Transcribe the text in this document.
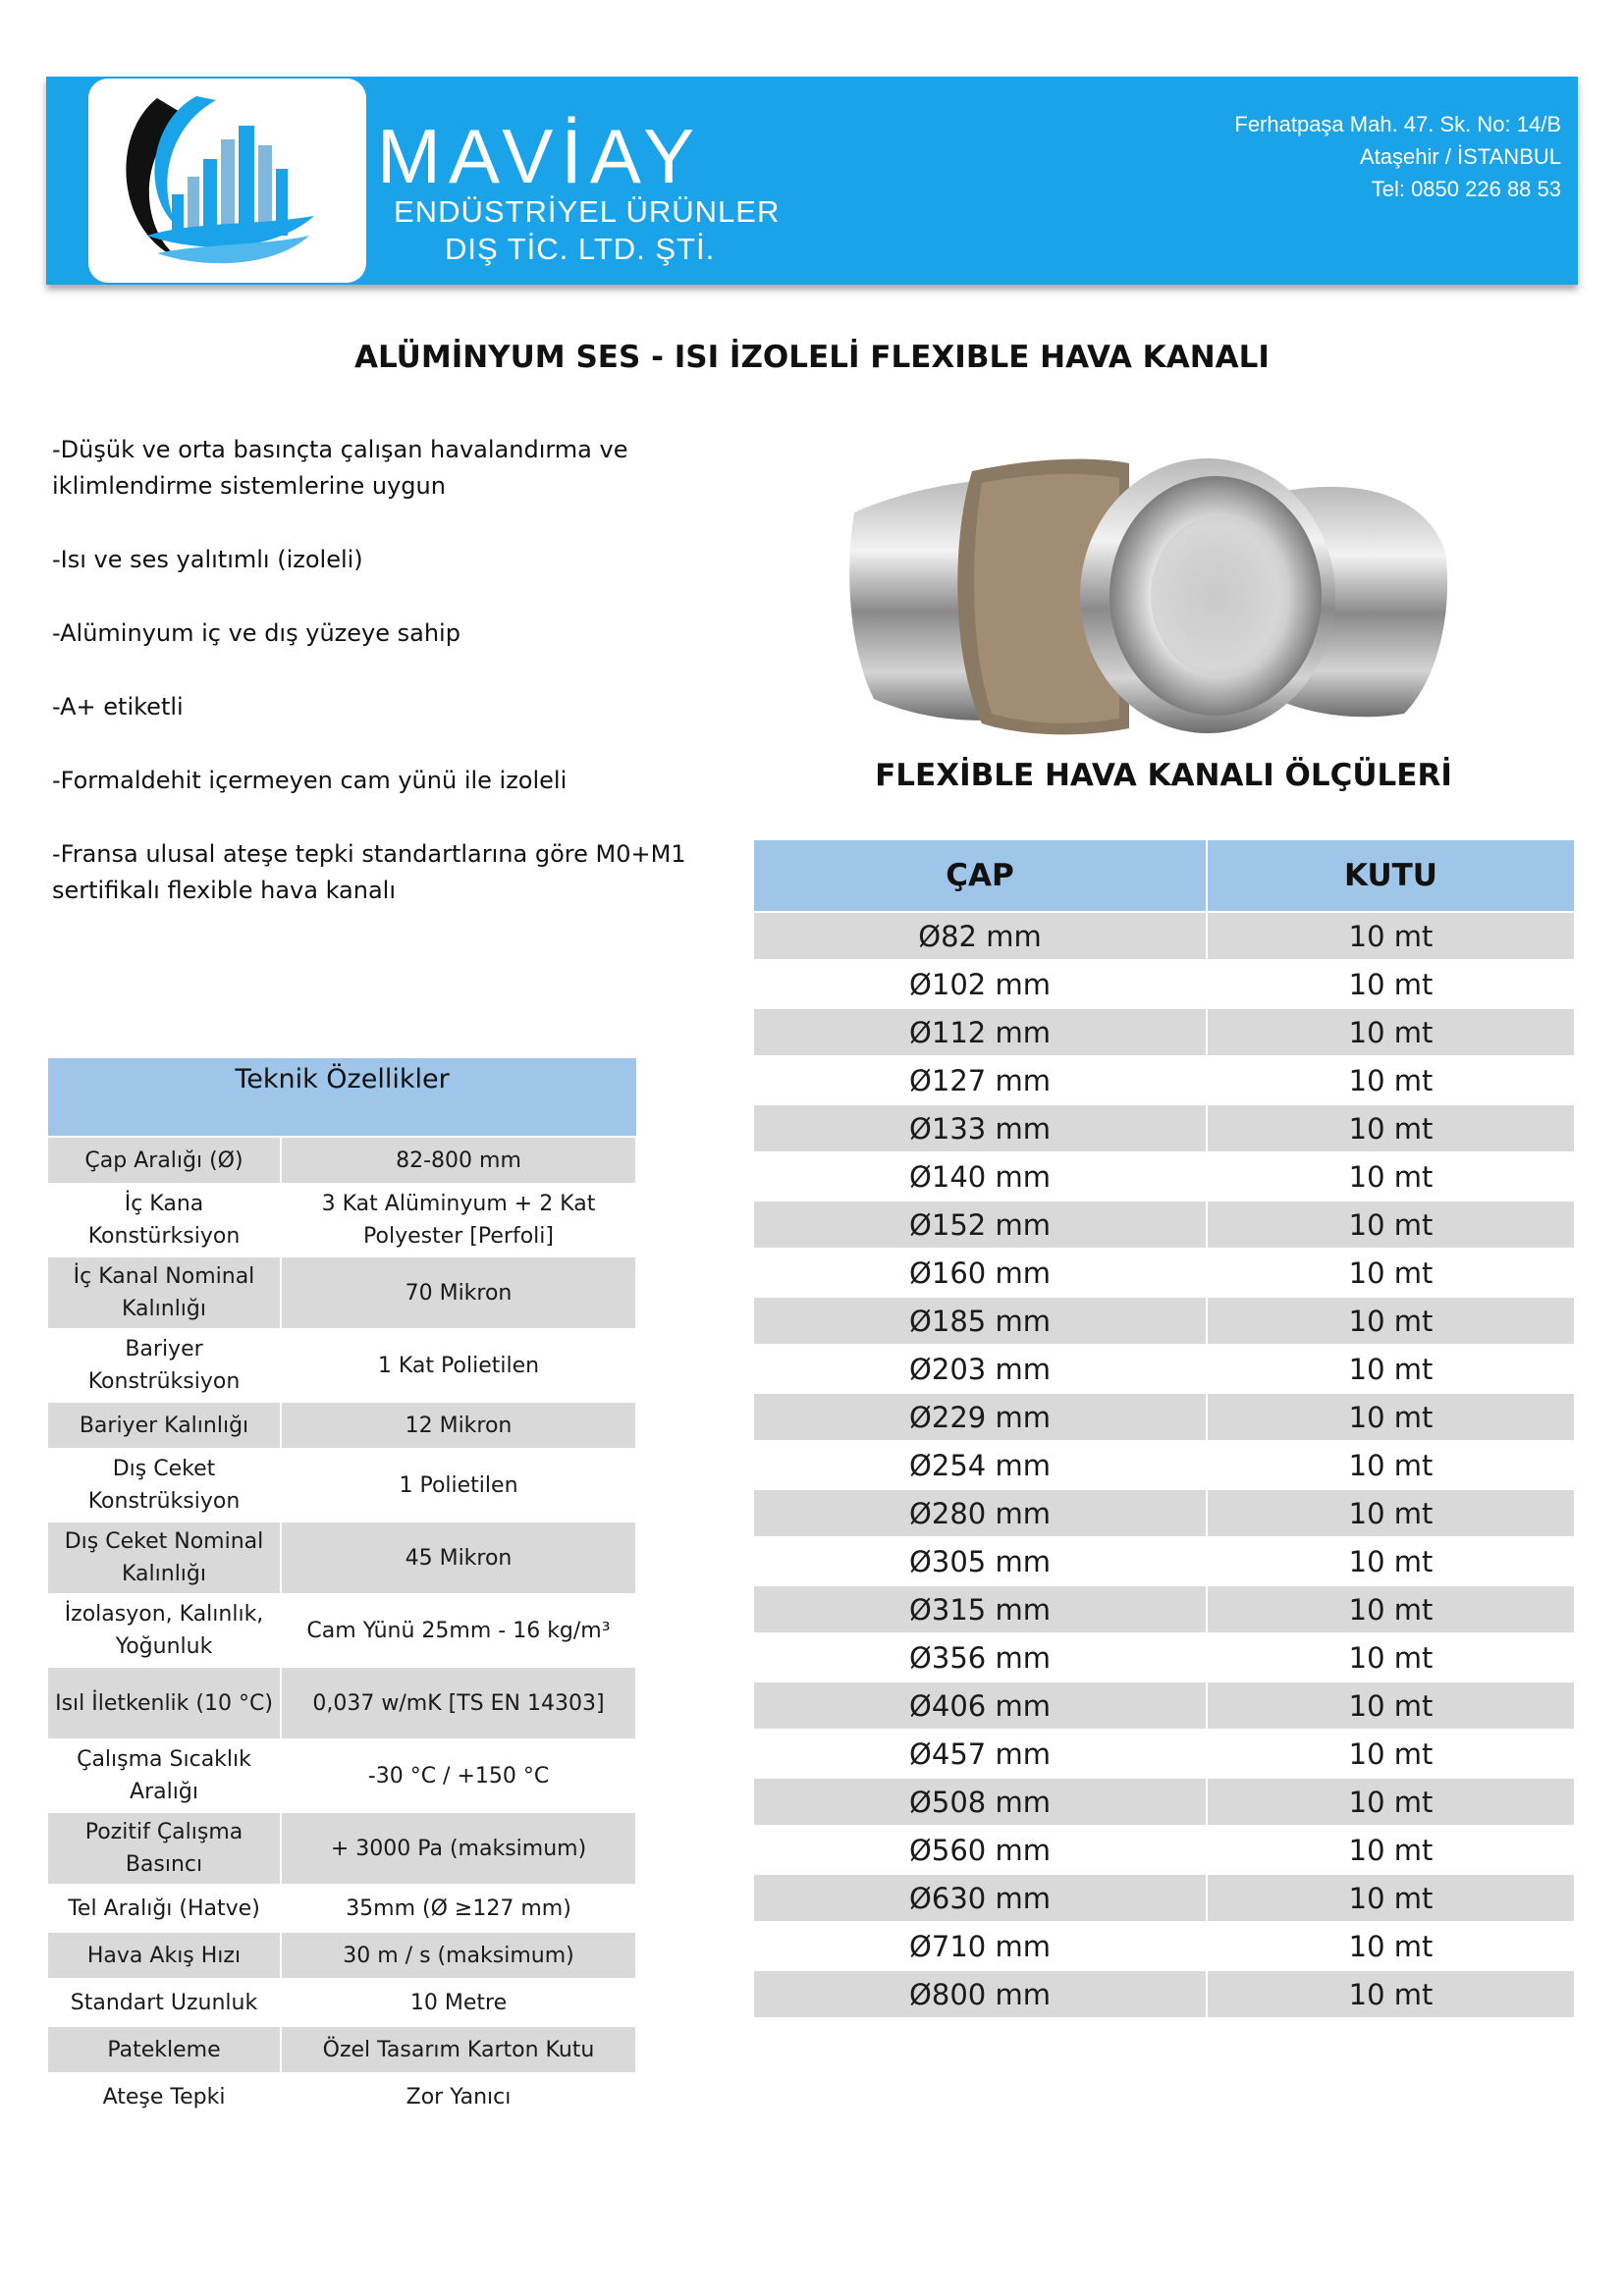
MAVİAY
ENDÜSTRİYEL ÜRÜNLER
DIŞ TİC. LTD. ŞTİ.
Ferhatpaşa Mah. 47. Sk. No: 14/B
Ataşehir / İSTANBUL
Tel: 0850 226 88 53
ALÜMİNYUM SES - ISI İZOLELİ FLEXIBLE HAVA KANALI

-Düşük ve orta basınçta çalışan havalandırma ve iklimlendirme sistemlerine uygun

-Isı ve ses yalıtımlı (izoleli)

-Alüminyum iç ve dış yüzeye sahip

-A+ etiketli

-Formaldehit içermeyen cam yünü ile izoleli

-Fransa ulusal ateşe tepki standartlarına göre M0+M1 sertifikalı flexible hava kanalı

FLEXİBLE HAVA KANALI ÖLÇÜLERİ
ÇAP	KUTU
Ø82 mm	10 mt
Ø102 mm	10 mt
Ø112 mm	10 mt
Ø127 mm	10 mt
Ø133 mm	10 mt
Ø140 mm	10 mt
Ø152 mm	10 mt
Ø160 mm	10 mt
Ø185 mm	10 mt
Ø203 mm	10 mt
Ø229 mm	10 mt
Ø254 mm	10 mt
Ø280 mm	10 mt
Ø305 mm	10 mt
Ø315 mm	10 mt
Ø356 mm	10 mt
Ø406 mm	10 mt
Ø457 mm	10 mt
Ø508 mm	10 mt
Ø560 mm	10 mt
Ø630 mm	10 mt
Ø710 mm	10 mt
Ø800 mm	10 mt
Teknik Özellikler	
Çap Aralığı (Ø)	82-800 mm
İç Kana Konstürksiyon	3 Kat Alüminyum + 2 Kat Polyester [Perfoli]
İç Kanal Nominal Kalınlığı	70 Mikron
Bariyer Konstrüksiyon	1 Kat Polietilen
Bariyer Kalınlığı	12 Mikron
Dış Ceket Konstrüksiyon	1 Polietilen
Dış Ceket Nominal Kalınlığı	45 Mikron
İzolasyon, Kalınlık, Yoğunluk	Cam Yünü 25mm - 16 kg/m³
Isıl İletkenlik (10 °C)	0,037 w/mK [TS EN 14303]
Çalışma Sıcaklık Aralığı	-30 °C / +150 °C
Pozitif Çalışma Basıncı	+ 3000 Pa (maksimum)
Tel Aralığı (Hatve)	35mm (Ø ≥127 mm)
Hava Akış Hızı	30 m / s (maksimum)
Standart Uzunluk	10 Metre
Patekleme	Özel Tasarım Karton Kutu
Ateşe Tepki	Zor Yanıcı
